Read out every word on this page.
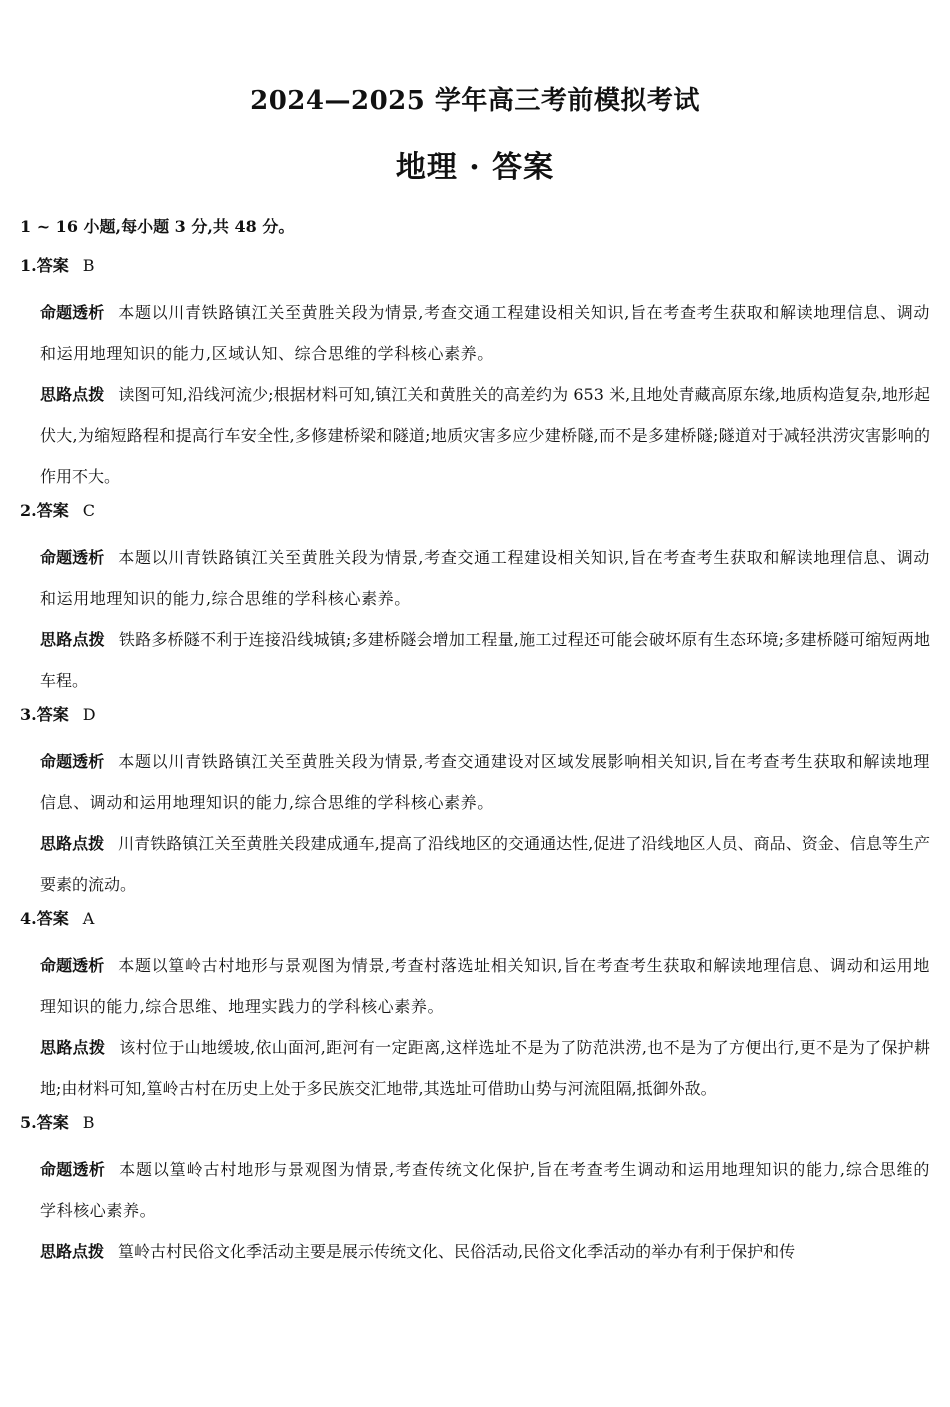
2024—2025 学年高三考前模拟考试
地理 · 答案
1 ~ 16 小题,每小题 3 分,共 48 分。
1.答案 B
命题透析 本题以川青铁路镇江关至黄胜关段为情景,考查交通工程建设相关知识,旨在考查考生获取和解读地理信息、调动和运用地理知识的能力,区域认知、综合思维的学科核心素养。
思路点拨 读图可知,沿线河流少;根据材料可知,镇江关和黄胜关的高差约为 653 米,且地处青藏高原东缘,地质构造复杂,地形起伏大,为缩短路程和提高行车安全性,多修建桥梁和隧道;地质灾害多应少建桥隧,而不是多建桥隧;隧道对于减轻洪涝灾害影响的作用不大。
2.答案 C
命题透析 本题以川青铁路镇江关至黄胜关段为情景,考查交通工程建设相关知识,旨在考查考生获取和解读地理信息、调动和运用地理知识的能力,综合思维的学科核心素养。
思路点拨 铁路多桥隧不利于连接沿线城镇;多建桥隧会增加工程量,施工过程还可能会破坏原有生态环境;多建桥隧可缩短两地车程。
3.答案 D
命题透析 本题以川青铁路镇江关至黄胜关段为情景,考查交通建设对区域发展影响相关知识,旨在考查考生获取和解读地理信息、调动和运用地理知识的能力,综合思维的学科核心素养。
思路点拨 川青铁路镇江关至黄胜关段建成通车,提高了沿线地区的交通通达性,促进了沿线地区人员、商品、资金、信息等生产要素的流动。
4.答案 A
命题透析 本题以篁岭古村地形与景观图为情景,考查村落选址相关知识,旨在考查考生获取和解读地理信息、调动和运用地理知识的能力,综合思维、地理实践力的学科核心素养。
思路点拨 该村位于山地缓坡,依山面河,距河有一定距离,这样选址不是为了防范洪涝,也不是为了方便出行,更不是为了保护耕地;由材料可知,篁岭古村在历史上处于多民族交汇地带,其选址可借助山势与河流阻隔,抵御外敌。
5.答案 B
命题透析 本题以篁岭古村地形与景观图为情景,考查传统文化保护,旨在考查考生调动和运用地理知识的能力,综合思维的学科核心素养。
思路点拨 篁岭古村民俗文化季活动主要是展示传统文化、民俗活动,民俗文化季活动的举办有利于保护和传
